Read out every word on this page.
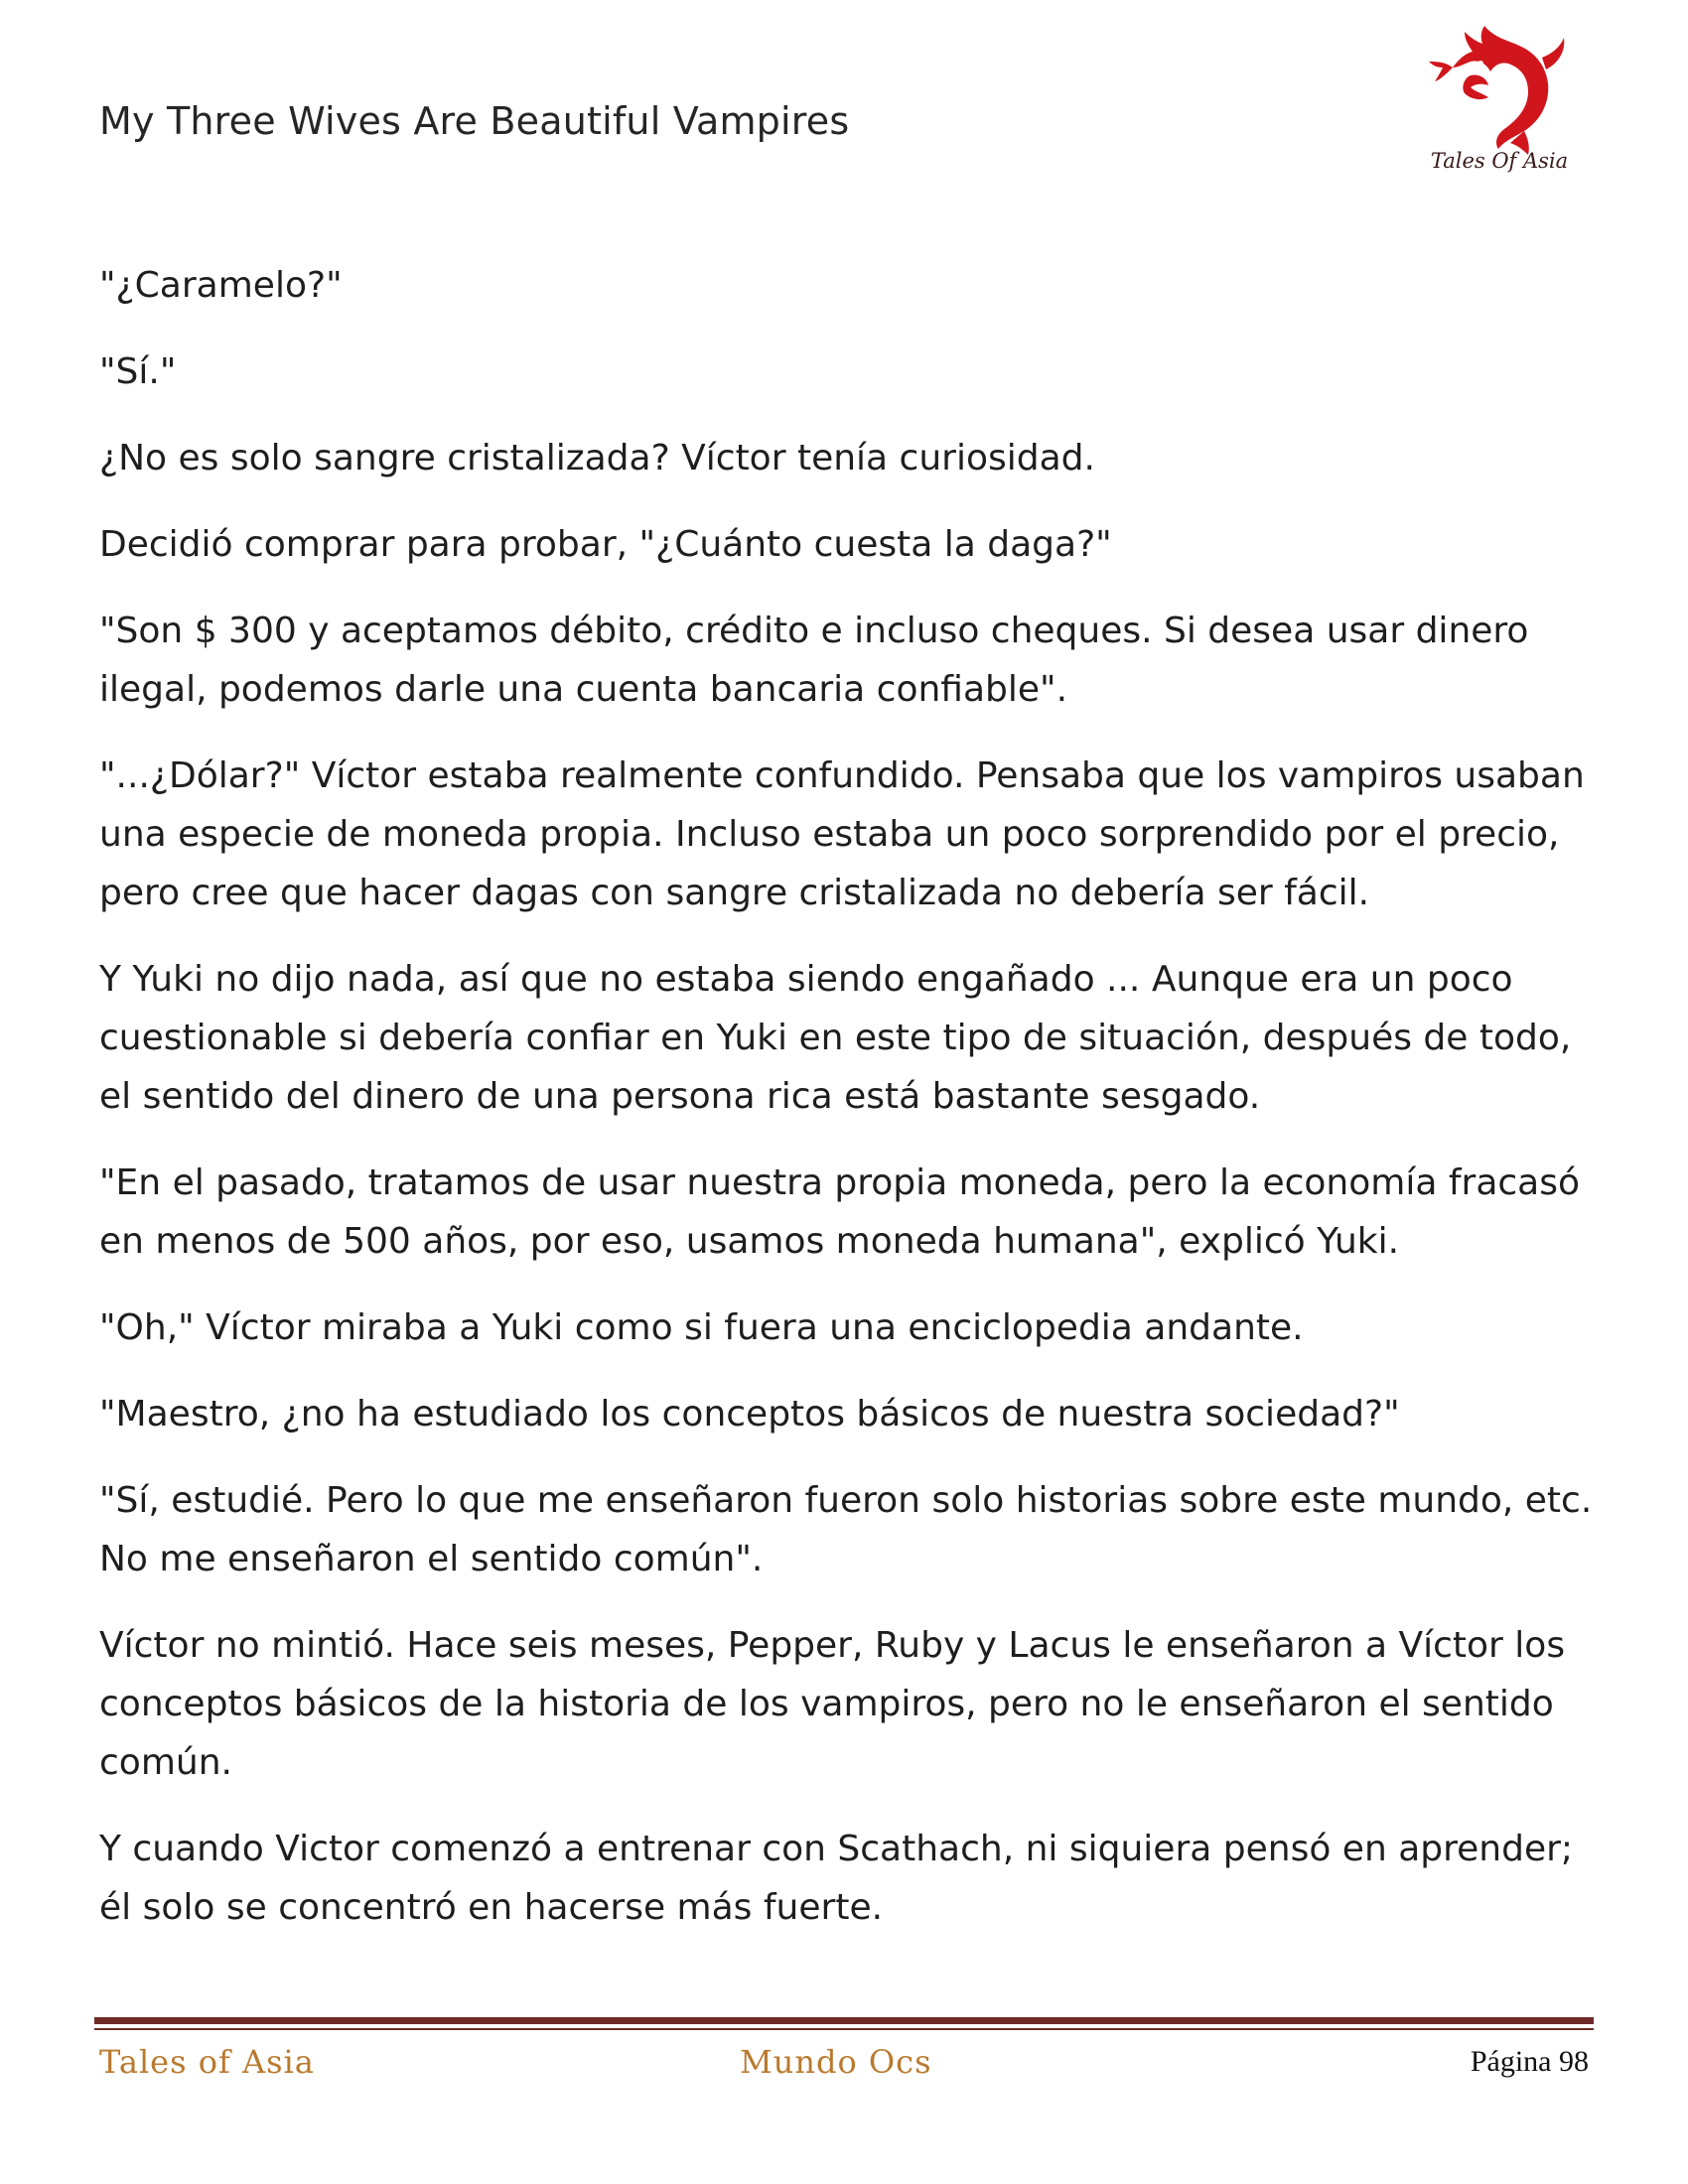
My Three Wives Are Beautiful Vampires
Tales Of Asia

"¿Caramelo?"

"Sí."

¿No es solo sangre cristalizada? Víctor tenía curiosidad.

Decidió comprar para probar, "¿Cuánto cuesta la daga?"

"Son $ 300 y aceptamos débito, crédito e incluso cheques. Si desea usar dinero ilegal, podemos darle una cuenta bancaria confiable".

"...¿Dólar?" Víctor estaba realmente confundido. Pensaba que los vampiros usaban una especie de moneda propia. Incluso estaba un poco sorprendido por el precio, pero cree que hacer dagas con sangre cristalizada no debería ser fácil.

Y Yuki no dijo nada, así que no estaba siendo engañado ... Aunque era un poco cuestionable si debería confiar en Yuki en este tipo de situación, después de todo, el sentido del dinero de una persona rica está bastante sesgado.

"En el pasado, tratamos de usar nuestra propia moneda, pero la economía fracasó en menos de 500 años, por eso, usamos moneda humana", explicó Yuki.

"Oh," Víctor miraba a Yuki como si fuera una enciclopedia andante.

"Maestro, ¿no ha estudiado los conceptos básicos de nuestra sociedad?"

"Sí, estudié. Pero lo que me enseñaron fueron solo historias sobre este mundo, etc. No me enseñaron el sentido común".

Víctor no mintió. Hace seis meses, Pepper, Ruby y Lacus le enseñaron a Víctor los conceptos básicos de la historia de los vampiros, pero no le enseñaron el sentido común.

Y cuando Victor comenzó a entrenar con Scathach, ni siquiera pensó en aprender; él solo se concentró en hacerse más fuerte.

Tales of Asia	Mundo Ocs	Página 98
